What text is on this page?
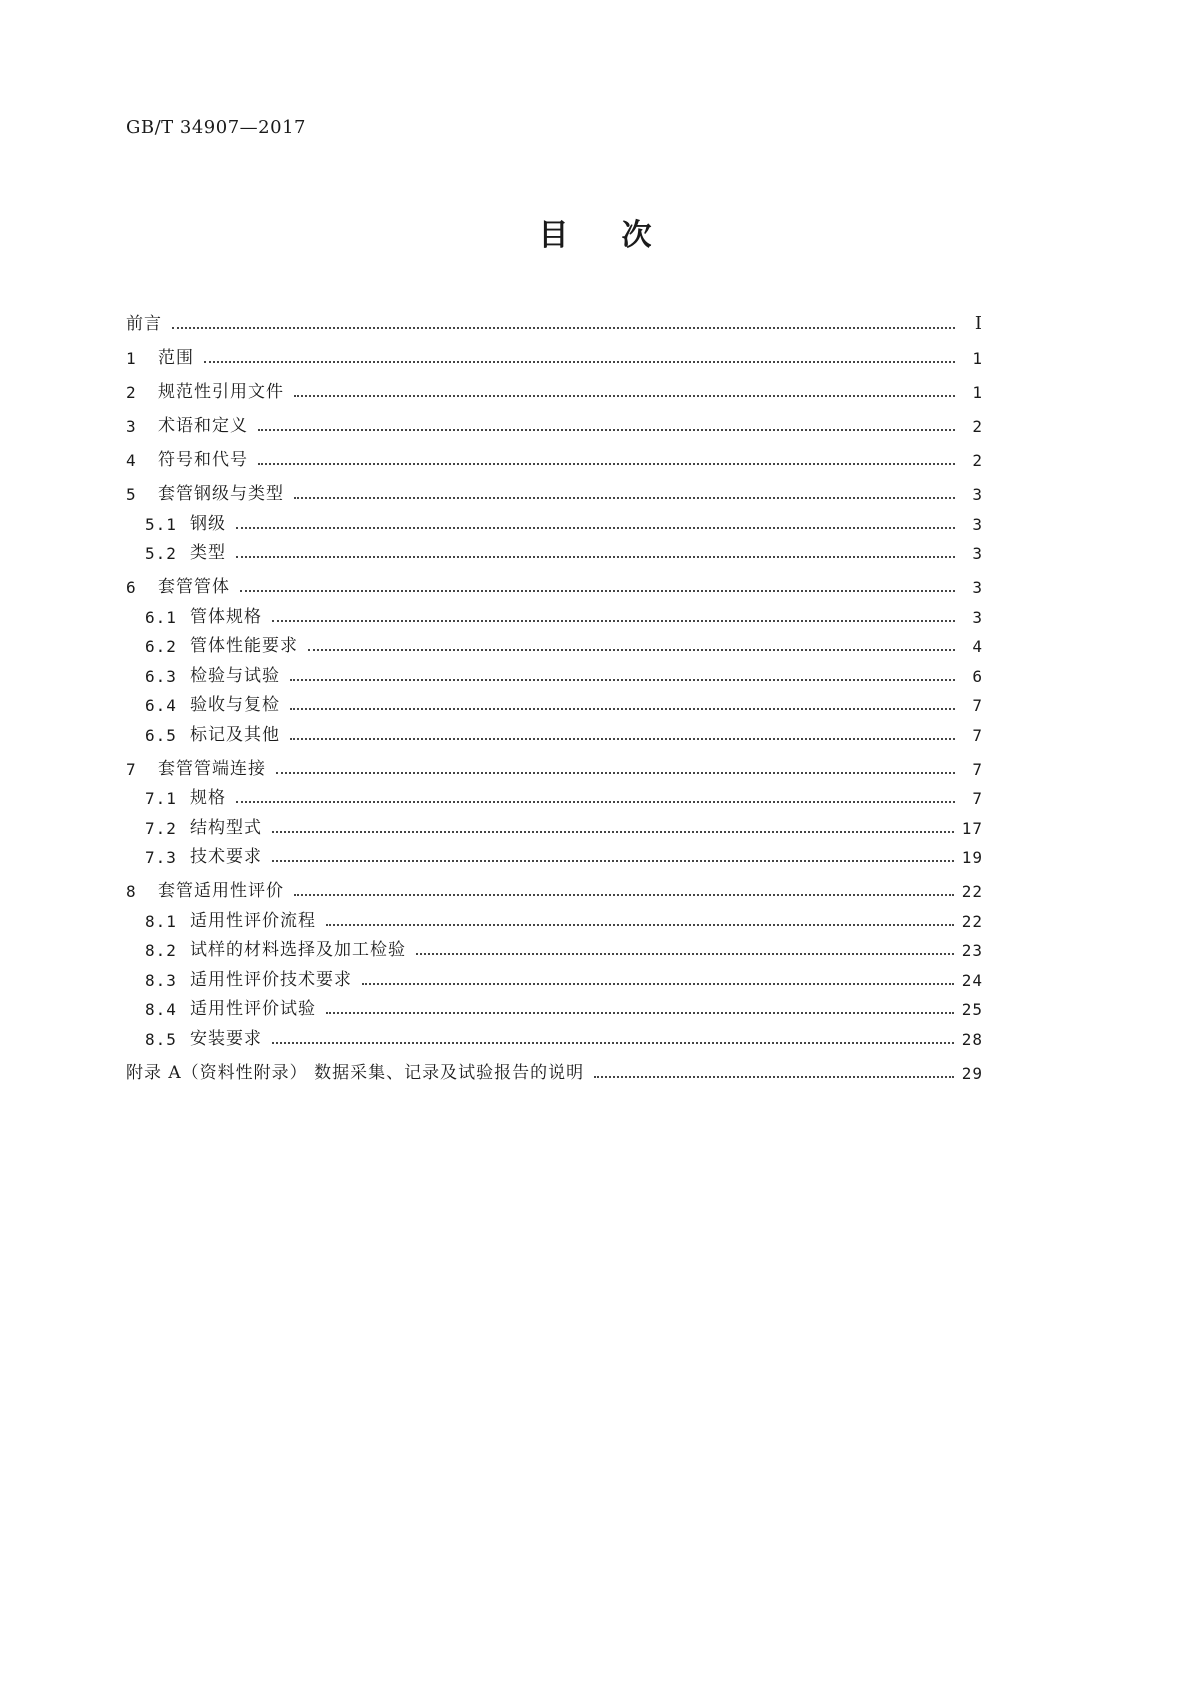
GB/T 34907—2017
目 次
前言	Ⅰ
1	范围	1
2	规范性引用文件	1
3	术语和定义	2
4	符号和代号	2
5	套管钢级与类型	3
5.1 钢级	3
5.2 类型	3
6	套管管体	3
6.1 管体规格	3
6.2 管体性能要求	4
6.3 检验与试验	6
6.4 验收与复检	7
6.5 标记及其他	7
7	套管管端连接	7
7.1 规格	7
7.2 结构型式	17
7.3 技术要求	19
8	套管适用性评价	22
8.1 适用性评价流程	22
8.2 试样的材料选择及加工检验	23
8.3 适用性评价技术要求	24
8.4 适用性评价试验	25
8.5 安装要求	28
附录 A（资料性附录） 数据采集、记录及试验报告的说明	29
